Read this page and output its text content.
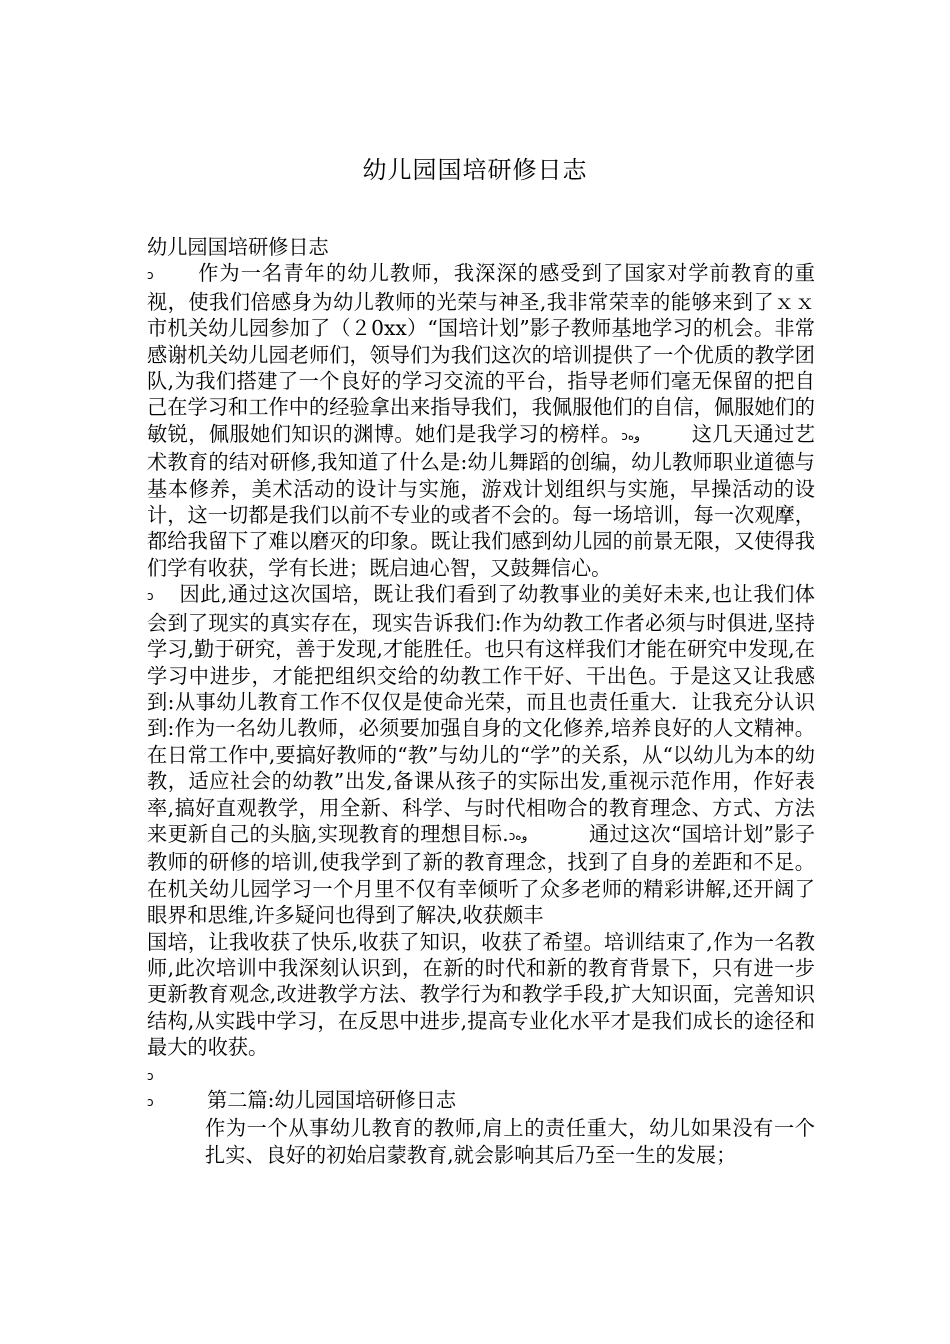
幼儿园国培研修日志

幼儿园国培研修日志

ↄ 作为一名青年的幼儿教师，我深深的感受到了国家对学前教育的重视，使我们倍感身为幼儿教师的光荣与神圣,我非常荣幸的能够来到了ｘｘ市机关幼儿园参加了（２0xx）“国培计划”影子教师基地学习的机会。非常感谢机关幼儿园老师们，领导们为我们这次的培训提供了一个优质的教学团队,为我们搭建了一个良好的学习交流的平台，指导老师们毫无保留的把自己在学习和工作中的经验拿出来指导我们，我佩服他们的自信，佩服她们的敏锐，佩服她们知识的渊博。她们是我学习的榜样。ↄوه	这几天通过艺术教育的结对研修,我知道了什么是:幼儿舞蹈的创编，幼儿教师职业道德与基本修养，美术活动的设计与实施，游戏计划组织与实施，早操活动的设计，这一切都是我们以前不专业的或者不会的。每一场培训，每一次观摩，都给我留下了难以磨灭的印象。既让我们感到幼儿园的前景无限，又使得我们学有收获，学有长进；既启迪心智，又鼓舞信心。

ↄ 因此,通过这次国培，既让我们看到了幼教事业的美好未来,也让我们体会到了现实的真实存在，现实告诉我们:作为幼教工作者必须与时俱进,坚持学习,勤于研究，善于发现,才能胜任。也只有这样我们才能在研究中发现,在学习中进步，才能把组织交给的幼教工作干好、干出色。于是这又让我感到:从事幼儿教育工作不仅仅是使命光荣，而且也责任重大．让我充分认识到:作为一名幼儿教师，必须要加强自身的文化修养,培养良好的人文精神。在日常工作中,要搞好教师的“教”与幼儿的“学”的关系，从“以幼儿为本的幼教，适应社会的幼教”出发,备课从孩子的实际出发,重视示范作用，作好表率,搞好直观教学，用全新、科学、与时代相吻合的教育理念、方式、方法来更新自己的头脑,实现教育的理想目标.ↄوه	通过这次“国培计划”影子教师的研修的培训,使我学到了新的教育理念，找到了自身的差距和不足。在机关幼儿园学习一个月里不仅有幸倾听了众多老师的精彩讲解,还开阔了眼界和思维,许多疑问也得到了解决,收获颇丰

国培，让我收获了快乐,收获了知识，收获了希望。培训结束了,作为一名教师,此次培训中我深刻认识到，在新的时代和新的教育背景下，只有进一步更新教育观念,改进教学方法、教学行为和教学手段,扩大知识面，完善知识结构,从实践中学习，在反思中进步,提高专业化水平才是我们成长的途径和最大的收获。

ↄ

ↄ	第二篇:幼儿园国培研修日志

作为一个从事幼儿教育的教师,肩上的责任重大，幼儿如果没有一个扎实、良好的初始启蒙教育,就会影响其后乃至一生的发展；
